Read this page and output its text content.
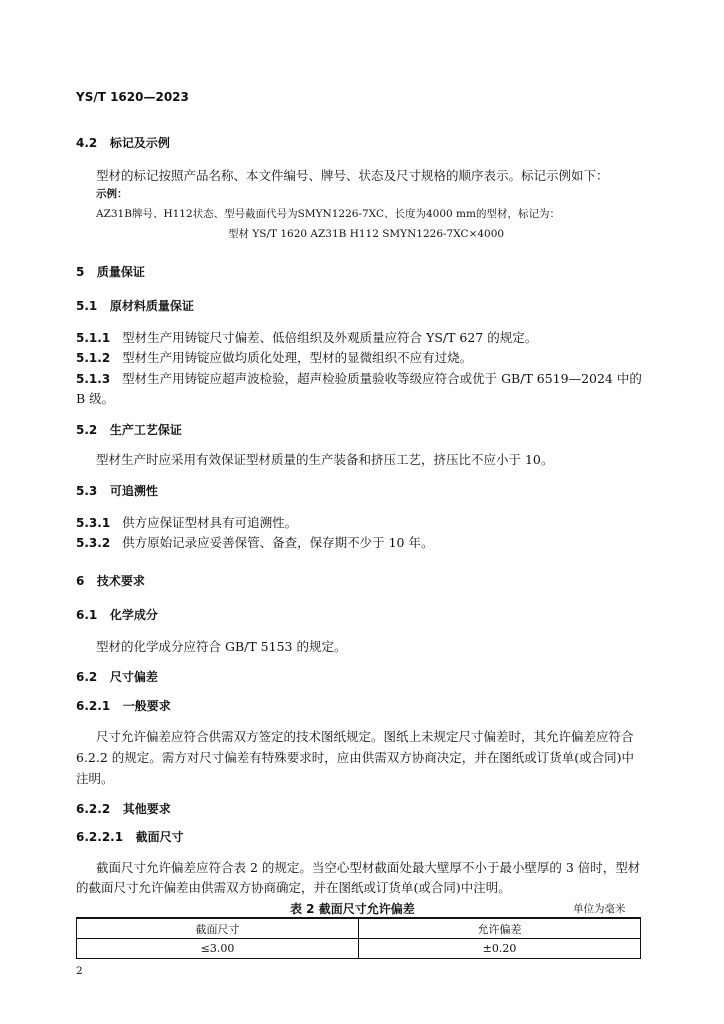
YS/T 1620—2023
4.2 标记及示例
型材的标记按照产品名称、本文件编号、牌号、状态及尺寸规格的顺序表示。标记示例如下：
示例：
AZ31B牌号、H112状态、型号截面代号为SMYN1226-7XC、长度为4000 mm的型材，标记为：
型材 YS/T 1620 AZ31B H112 SMYN1226-7XC×4000
5 质量保证
5.1 原材料质量保证
5.1.1 型材生产用铸锭尺寸偏差、低倍组织及外观质量应符合 YS/T 627 的规定。
5.1.2 型材生产用铸锭应做均质化处理，型材的显微组织不应有过烧。
5.1.3 型材生产用铸锭应超声波检验，超声检验质量验收等级应符合或优于 GB/T 6519—2024 中的
B 级。
5.2 生产工艺保证
型材生产时应采用有效保证型材质量的生产装备和挤压工艺，挤压比不应小于 10。
5.3 可追溯性
5.3.1 供方应保证型材具有可追溯性。
5.3.2 供方原始记录应妥善保管、备查，保存期不少于 10 年。
6 技术要求
6.1 化学成分
型材的化学成分应符合 GB/T 5153 的规定。
6.2 尺寸偏差
6.2.1 一般要求
尺寸允许偏差应符合供需双方签定的技术图纸规定。图纸上未规定尺寸偏差时，其允许偏差应符合
6.2.2 的规定。需方对尺寸偏差有特殊要求时，应由供需双方协商决定，并在图纸或订货单(或合同)中
注明。
6.2.2 其他要求
6.2.2.1 截面尺寸
截面尺寸允许偏差应符合表 2 的规定。当空心型材截面处最大壁厚不小于最小壁厚的 3 倍时，型材
的截面尺寸允许偏差由供需双方协商确定，并在图纸或订货单(或合同)中注明。
表 2 截面尺寸允许偏差	单位为毫米
截面尺寸	允许偏差
≤3.00	±0.20
2
